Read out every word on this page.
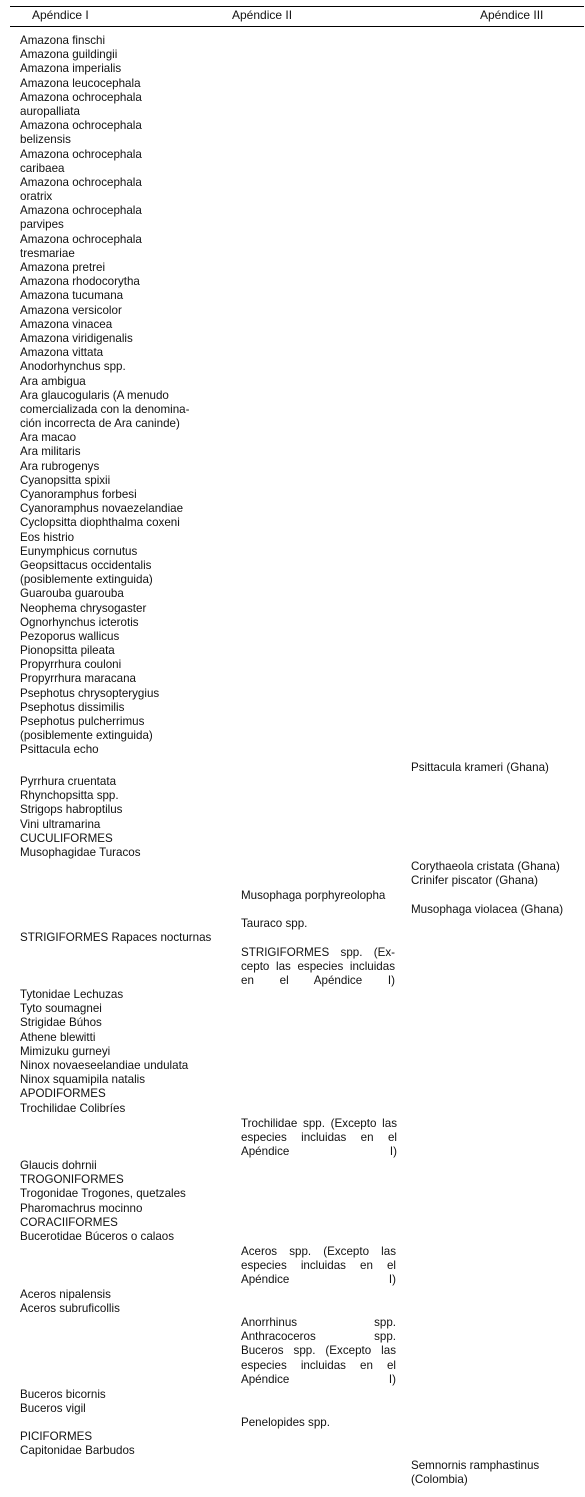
Apéndice I	Apéndice II	Apéndice III
Amazona finschi
Amazona guildingii
Amazona imperialis
Amazona leucocephala
Amazona ochrocephala
auropalliata
Amazona ochrocephala
belizensis
Amazona ochrocephala
caribaea
Amazona ochrocephala
oratrix
Amazona ochrocephala
parvipes
Amazona ochrocephala
tresmariae
Amazona pretrei
Amazona rhodocorytha
Amazona tucumana
Amazona versicolor
Amazona vinacea
Amazona viridigenalis
Amazona vittata
Anodorhynchus spp.
Ara ambigua
Ara glaucogularis (A menudo
comercializada con la denomina-
ción incorrecta de Ara caninde)
Ara macao
Ara militaris
Ara rubrogenys
Cyanopsitta spixii
Cyanoramphus forbesi
Cyanoramphus novaezelandiae
Cyclopsitta diophthalma coxeni
Eos histrio
Eunymphicus cornutus
Geopsittacus occidentalis
(posiblemente extinguida)
Guarouba guarouba
Neophema chrysogaster
Ognorhynchus icterotis
Pezoporus wallicus
Pionopsitta pileata
Propyrrhura couloni
Propyrrhura maracana
Psephotus chrysopterygius
Psephotus dissimilis
Psephotus pulcherrimus
(posiblemente extinguida)
Psittacula echo
Pyrrhura cruentata
Rhynchopsitta spp.
Strigops habroptilus
Vini ultramarina
CUCULIFORMES
Musophagidae Turacos
STRIGIFORMES Rapaces nocturnas
Tytonidae Lechuzas
Tyto soumagnei
Strigidae Búhos
Athene blewitti
Mimizuku gurneyi
Ninox novaeseelandiae undulata
Ninox squamipila natalis
APODIFORMES
Trochilidae Colibríes
Glaucis dohrnii
TROGONIFORMES
Trogonidae Trogones, quetzales
Pharomachrus mocinno
CORACIIFORMES
Bucerotidae Búceros o calaos
Aceros nipalensis
Aceros subruficollis
Buceros bicornis
Buceros vigil
PICIFORMES
Capitonidae Barbudos
Musophaga porphyreolopha
Tauraco spp.
STRIGIFORMES spp. (Ex-
cepto las especies incluidas
en el Apéndice I)
Trochilidae spp. (Excepto las
especies incluidas en el
Apéndice I)
Aceros spp. (Excepto las
especies incluidas en el
Apéndice I)
Anorrhinus spp.
Anthracoceros spp.
Buceros spp. (Excepto las
especies incluidas en el
Apéndice I)
Penelopides spp.
Psittacula krameri (Ghana)
Corythaeola cristata (Ghana)
Crinifer piscator (Ghana)
Musophaga violacea (Ghana)
Semnornis ramphastinus
(Colombia)
